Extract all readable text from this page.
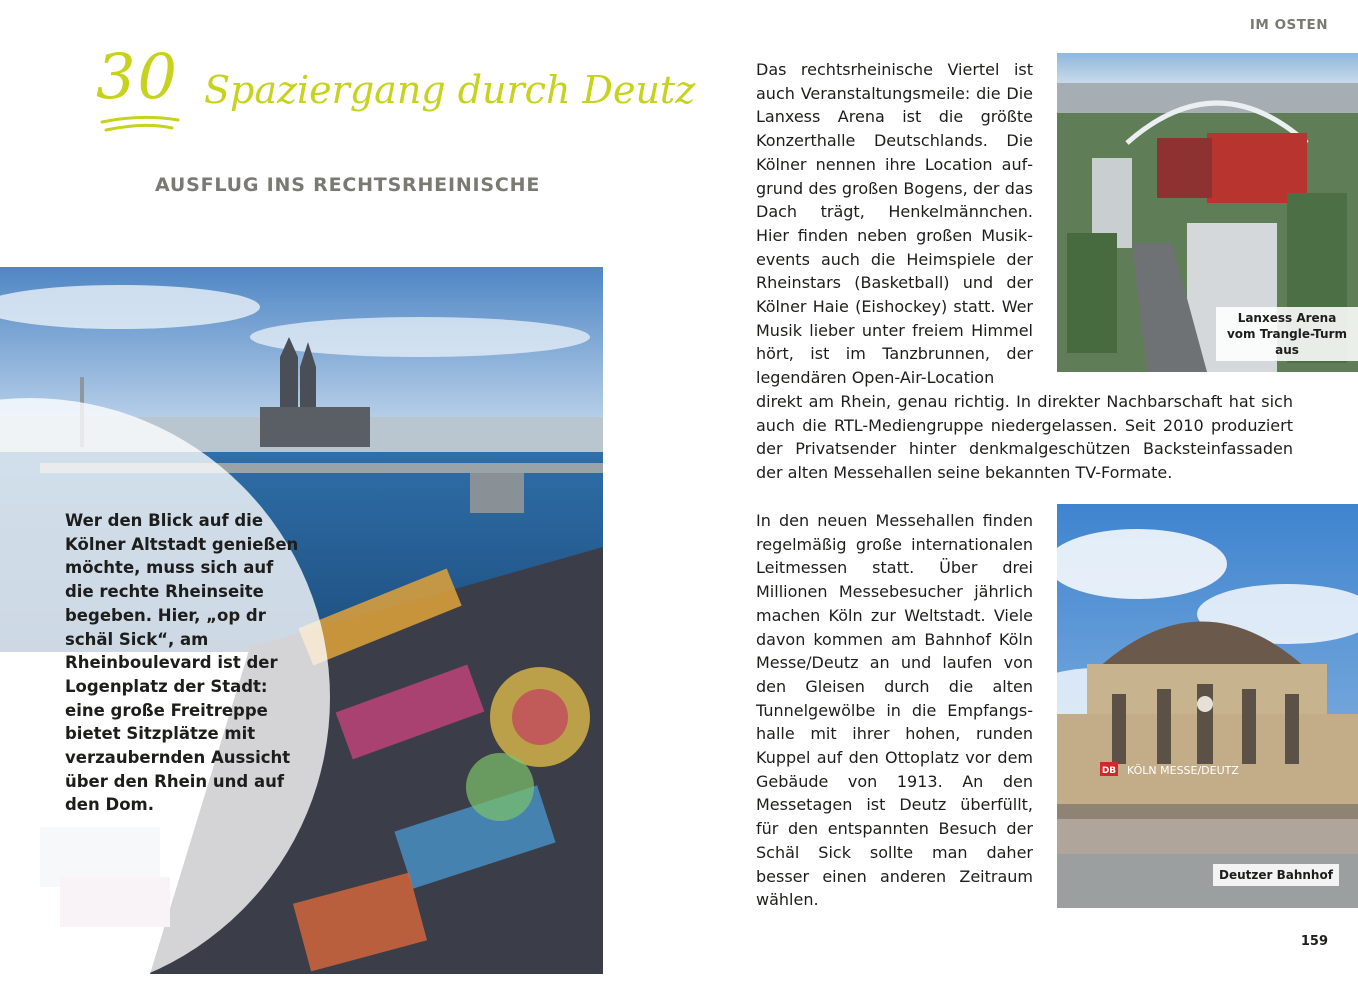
30 Spaziergang durch Deutz
AUSFLUG INS RECHTSRHEINISCHE
Wer den Blick auf die Kölner Altstadt genießen möchte, muss sich auf die rechte Rheinseite begeben. Hier, „op dr schäl Sick“, am Rheinboulevard ist der Logenplatz der Stadt: eine große Freitreppe bietet Sitzplätze mit verzaubernden Aussicht über den Rhein und auf den Dom.
IM OSTEN
Das rechtsrheinische Viertel ist auch Veranstaltungsmeile: die Die Lanxess Arena ist die größte Konzerthalle Deutschlands. Die Kölner nennen ihre Location aufgrund des großen Bogens, der das Dach trägt, Henkelmännchen. Hier finden neben großen Musikevents auch die Heimspiele der Rheinstars (Basketball) und der Kölner Haie (Eishockey) statt. Wer Musik lieber unter freiem Himmel hört, ist im Tanzbrunnen, der legendären Open-Air-Location
direkt am Rhein, genau richtig. In direkter Nachbarschaft hat sich auch die RTL-Mediengruppe niedergelassen. Seit 2010 produziert der Privatsender hinter denkmalgeschützen Backsteinfassaden der alten Messehallen seine bekannten TV-Formate.
In den neuen Messehallen finden regelmäßig große internationalen Leitmessen statt. Über drei Millionen Messebesucher jährlich machen Köln zur Weltstadt. Viele davon kommen am Bahnhof Köln Messe/Deutz an und laufen von den Gleisen durch die alten Tunnelgewölbe in die Empfangshalle mit ihrer hohen, runden Kuppel auf den Ottoplatz vor dem Gebäude von 1913. An den Messetagen ist Deutz überfüllt, für den entspannten Besuch der Schäl Sick sollte man daher besser einen anderen Zeitraum wählen.
Lanxess Arena vom Trangle-Turm aus
DB KÖLN MESSE/DEUTZ
Deutzer Bahnhof
159
